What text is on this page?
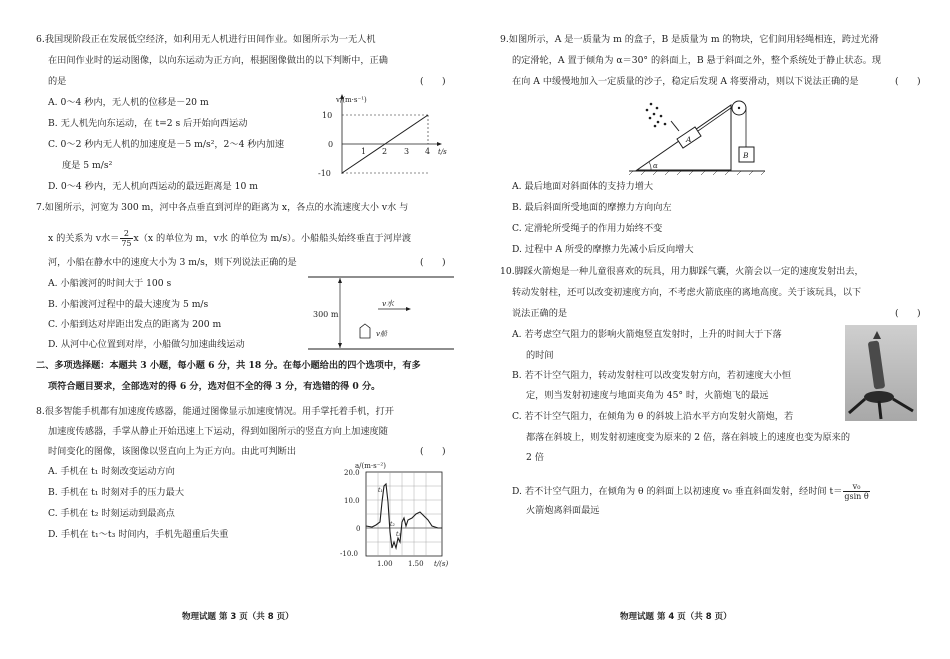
6.我国现阶段正在发展低空经济，如利用无人机进行田间作业。如图所示为一无人机
在田间作业时的运动图像，以向东运动为正方向，根据图像做出的以下判断中，正确
的是	(　　)
A. 0～4 秒内，无人机的位移是－20 m
B. 无人机先向东运动，在 t=2 s 后开始向西运动
C. 0～2 秒内无人机的加速度是－5 m/s²，2～4 秒内加速
度是 5 m/s²
D. 0～4 秒内，无人机向西运动的最远距离是 10 m
v/(m·s⁻¹)
10
0
-10
1 2 3 4 t/s
7.如图所示，河宽为 300 m，河中各点垂直到河岸的距离为 x，各点的水流速度大小 v水 与
x 的关系为 v水＝ $\frac{2}{75} x(x$ 的单位为 m，v水 的单位为 m/s）。小船船头始终垂直于河岸渡
河，小船在静水中的速度大小为 3 m/s，则下列说法正确的是	(　　)
A. 小船渡河的时间大于 100 s
B. 小船渡河过程中的最大速度为 5 m/s
C. 小船到达对岸距出发点的距离为 200 m
D. 从河中心位置到对岸，小船做匀加速曲线运动
300 m
v水
v船
二、多项选择题：本题共 3 小题，每小题 6 分，共 18 分。在每小题给出的四个选项中，有多
项符合题目要求，全部选对的得 6 分，选对但不全的得 3 分，有选错的得 0 分。
8.很多智能手机都有加速度传感器，能通过图像显示加速度情况。用手掌托着手机，打开
加速度传感器，手掌从静止开始迅速上下运动，得到如图所示的竖直方向上加速度随
时间变化的图像，该图像以竖直向上为正方向。由此可判断出	(　　)
A. 手机在 t₁ 时刻改变运动方向
B. 手机在 t₁ 时刻对手的压力最大
C. 手机在 t₂ 时刻运动到最高点
D. 手机在 t₁～t₃ 时间内，手机先超重后失重
a/(m·s⁻²)
20.0
10.0
0
-10.0
1.00 1.50 t/(s)
t₁
t₂
t₃
物理试题 第 3 页（共 8 页）
9.如图所示，A 是一质量为 m 的盒子，B 是质量为 m 的物块，它们间用轻绳相连，跨过光滑
的定滑轮，A 置于倾角为 α＝30° 的斜面上，B 悬于斜面之外，整个系统处于静止状态。现
在向 A 中缓慢地加入一定质量的沙子，稳定后发现 A 将要滑动，则以下说法正确的是	(　　)
α
A
B
A. 最后地面对斜面体的支持力增大
B. 最后斜面所受地面的摩擦力方向向左
C. 定滑轮所受绳子的作用力始终不变
D. 过程中 A 所受的摩擦力先减小后反向增大
10.脚踩火箭炮是一种儿童很喜欢的玩具，用力脚踩气囊，火箭会以一定的速度发射出去，
转动发射柱，还可以改变初速度方向，不考虑火箭底座的离地高度。关于该玩具，以下
说法正确的是	(　　)
A. 若考虑空气阻力的影响火箭炮竖直发射时，上升的时间大于下落
的时间
B. 若不计空气阻力，转动发射柱可以改变发射方向，若初速度大小恒
定，则当发射初速度与地面夹角为 45° 时，火箭炮飞的最远
C. 若不计空气阻力，在倾角为 θ 的斜坡上沿水平方向发射火箭炮，若
都落在斜坡上，则发射初速度变为原来的 2 倍，落在斜坡上的速度也变为原来的
2 倍
D. 若不计空气阻力，在倾角为 θ 的斜面上以初速度 v₀ 垂直斜面发射，经时间 $t= \frac{\text{v₀}}{\text{gsin θ}}$
火箭炮离斜面最远
物理试题 第 4 页（共 8 页）
